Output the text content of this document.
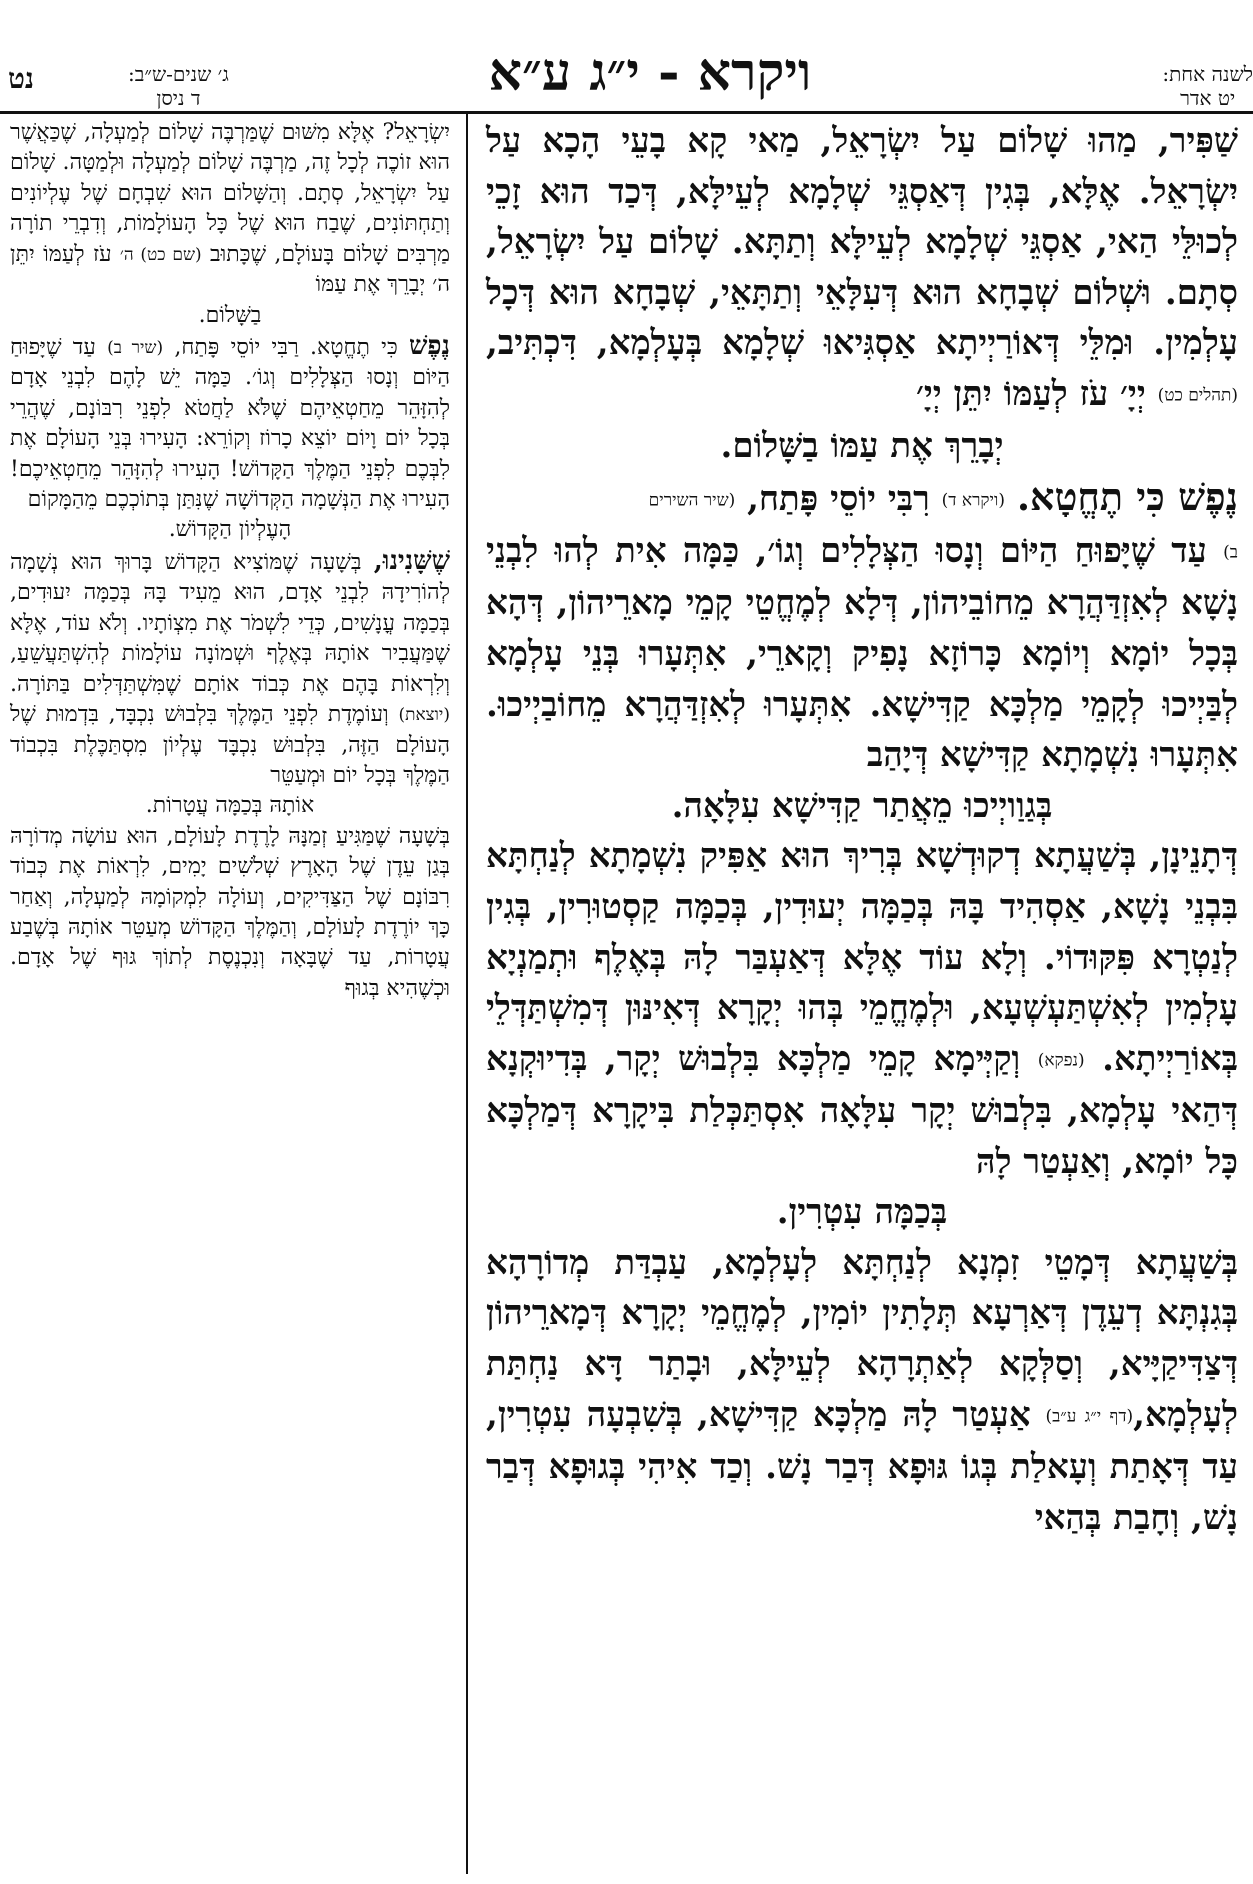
נט	ג׳ שנים-ש״ב:
ד ניסן	ויקרא - י״ג ע״א	לשנה אחת:
יט אדר

שַׁפִּיר, מַהוּ שָׁלוֹם עַל יִשְׂרָאֵל, מַאי קָא בָעֵי הָכָא עַל יִשְׂרָאֵל. אֶלָּא, בְּגִין דְּאַסְגֵּי שְׁלָמָא לְעֵילָּא, דְּכַד הוּא זָכֵי לְכוּלֵּי הַאי, אַסְגֵּי שְׁלָמָא לְעֵילָּא וְתַתָּא. שָׁלוֹם עַל יִשְׂרָאֵל, סְתָם. וּשְׁלוֹם שְׁבָחָא הוּא דְּעִלָּאֵי וְתַתָּאֵי, שְׁבָחָא הוּא דְּכָל עָלְמִין. וּמִלֵּי דְּאוֹרַיְיתָא אַסְגִּיאוּ שְׁלָמָא בְּעָלְמָא, דִּכְתִּיב, (תהלים כט) יְיָ׳ עֹז לְעַמּוֹ יִתֵּן יְיָ׳

יְבָרֵךְ אֶת עַמּוֹ בַשָּׁלוֹם.

נֶפֶשׁ כִּי תֶחֱטָא. (ויקרא ד) רִבִּי יוֹסֵי פָּתַח, (שיר השירים

ב) עַד שֶׁיָּפוּחַ הַיּוֹם וְנָסוּ הַצְּלָלִים וְגוֹ׳, כַּמָּה אִית לְהוּ לִבְנֵי נָשָׁא לְאִזְדַּהֲרָא מֵחוֹבֵיהוֹן, דְּלָא לְמֶחֱטֵי קָמֵי מָארֵיהוֹן, דְּהָא בְּכָל יוֹמָא וְיוֹמָא כָּרוֹזָא נָפִיק וְקָארֵי, אִתְּעָרוּ בְּנֵי עָלְמָא לְבַּיְיכוּ לְקָמֵי מַלְכָּא קַדִּישָׁא. אִתְּעָרוּ לְאִזְדַּהֲרָא מֵחוֹבַיְיכוּ. אִתְּעָרוּ נִשְׁמָתָא קַדִּישָׁא דְּיָהַב

בְּגַוַויְיכוּ מֵאֲתַר קַדִּישָׁא עִלָּאָה.

דְּתָנֵינָן, בְּשַׁעֲתָא דְקוּדְשָׁא בְּרִיךְ הוּא אַפִּיק נִשְׁמָתָא לְנַחְתָּא בִּבְנֵי נָשָׁא, אַסְהִיד בָּהּ בְּכַמָּה יְעוּדִין, בְּכַמָּה קַסְטוּרִין, בְּגִין לְנַטְרָא פִּקּוּדוֹי. וְלָא עוֹד אֶלָּא דְּאַעְבַּר לָהּ בְּאֶלֶף וּתְמַנְיָא עָלְמִין לְאִשְׁתַּעְשְׁעָא, וּלְמֶחֱמֵי בְּהוּ יְקָרָא דְּאִינּוּן דְּמִשְׁתַּדְּלֵי בְּאוֹרַיְיתָא. (נפקא) וְקַיְּימָא קָמֵי מַלְכָּא בִּלְבוּשׁ יְקָר, בְּדִיוּקְנָא דְּהַאי עָלְמָא, בִּלְבוּשׁ יְקָר עִלָּאָה אִסְתַּכְּלַת בִּיקָרָא דְּמַלְכָּא כָּל יוֹמָא, וְאַעְטַר לָהּ

בְּכַמָּה עִטְרִין.

בְּשַׁעֲתָא דְּמָטֵי זִמְנָא לְנַחְתָּא לְעָלְמָא, עַבְדַּת מְדוֹרָהָא בְּגִנְתָּא דְעֵדֶן דְּאַרְעָא תְּלָתִין יוֹמִין, לְמֶחֱמֵי יְקָרָא דְּמָארֵיהוֹן דְּצַדִּיקַיָּיא, וְסַלְּקָא לְאַתְרָהָא לְעֵילָּא, וּבָתַר דָּא נַחְתַּת לְעָלְמָא,(דף י״ג ע״ב) אַעְטַר לָהּ מַלְכָּא קַדִּישָׁא, בְּשִׁבְעָה עִטְרִין, עַד דְּאָתַת וְעָאלַת בְּגוֹ גּוּפָא דְּבַר נָשׁ. וְכַד אִיהִי בְּגוּפָא דְּבַר נָשׁ, וְחָבַת בְּהַאי

יִשְׂרָאֵל? אֶלָּא מִשּׁוּם שֶׁמַּרְבֶּה שָׁלוֹם לְמַעְלָה, שֶׁכַּאֲשֶׁר הוּא זוֹכֶה לְכָל זֶה, מַרְבֶּה שָׁלוֹם לְמַעְלָה וּלְמַטָּה. שָׁלוֹם עַל יִשְׂרָאֵל, סְתָם. וְהַשָּׁלוֹם הוּא שִׁבְחָם שֶׁל עֶלְיוֹנִים וְתַחְתּוֹנִים, שֶׁבַח הוּא שֶׁל כָּל הָעוֹלָמוֹת, וְדִבְרֵי תוֹרָה מַרְבִּים שָׁלוֹם בָּעוֹלָם, שֶׁכָּתוּב (שם כט) ה׳ עֹז לְעַמּוֹ יִתֵּן ה׳ יְבָרֵךְ אֶת עַמּוֹ

בַשָּׁלוֹם.

נֶפֶשׁ כִּי תֶחֱטָא. רַבִּי יוֹסֵי פָּתַח, (שיר ב) עַד שֶׁיָּפוּחַ הַיּוֹם וְנָסוּ הַצְּלָלִים וְגוֹ׳. כַּמָּה יֵשׁ לָהֶם לִבְנֵי אָדָם לְהִזָּהֵר מֵחַטְאֵיהֶם שֶׁלֹּא לַחֲטֹא לִפְנֵי רִבּוֹנָם, שֶׁהֲרֵי בְּכָל יוֹם וָיוֹם יוֹצֵא כָרוֹז וְקוֹרֵא: הָעִירוּ בְּנֵי הָעוֹלָם אֶת לִבְּכֶם לִפְנֵי הַמֶּלֶךְ הַקָּדוֹשׁ! הָעִירוּ לְהִזָּהֵר מֵחַטְאֵיכֶם! הָעִירוּ אֶת הַנְּשָׁמָה הַקְּדוֹשָׁה שֶׁנִּתַּן בְּתוֹכְכֶם מֵהַמָּקוֹם

הָעֶלְיוֹן הַקָּדוֹשׁ.

שֶׁשָּׁנִינוּ, בְּשָׁעָה שֶׁמּוֹצִיא הַקָּדוֹשׁ בָּרוּךְ הוּא נְשָׁמָה לְהוֹרִידָהּ לִבְנֵי אָדָם, הוּא מֵעִיד בָּהּ בְּכַמָּה יִעוּדִים, בְּכַמָּה עֳנָשִׁים, כְּדֵי לִשְׁמֹר אֶת מִצְוֹתָיו. וְלֹא עוֹד, אֶלָּא שֶׁמַּעֲבִיר אוֹתָהּ בְּאֶלֶף וּשְׁמוֹנָה עוֹלָמוֹת לְהִשְׁתַּעֲשֵׁעַ, וְלִרְאוֹת בָּהֶם אֶת כְּבוֹד אוֹתָם שֶׁמִּשְׁתַּדְּלִים בַּתּוֹרָה. (יוצאת) וְעוֹמֶדֶת לִפְנֵי הַמֶּלֶךְ בִּלְבוּשׁ נִכְבָּד, בִּדְמוּת שֶׁל הָעוֹלָם הַזֶּה, בִּלְבוּשׁ נִכְבָּד עֶלְיוֹן מִסְתַּכֶּלֶת בִּכְבוֹד הַמֶּלֶךְ בְּכָל יוֹם וּמְעַטֵּר

אוֹתָהּ בְּכַמָּה עֲטָרוֹת.

בְּשָׁעָה שֶׁמַּגִּיעַ זְמַנָּהּ לָרֶדֶת לָעוֹלָם, הוּא עוֹשָׂה מְדוֹרָהּ בְּגַן עֵדֶן שֶׁל הָאָרֶץ שְׁלֹשִׁים יָמִים, לִרְאוֹת אֶת כְּבוֹד רִבּוֹנָם שֶׁל הַצַּדִּיקִים, וְעוֹלָה לִמְקוֹמָהּ לְמַעְלָה, וְאַחַר כָּךְ יוֹרֶדֶת לָעוֹלָם, וְהַמֶּלֶךְ הַקָּדוֹשׁ מְעַטֵּר אוֹתָהּ בְּשֶׁבַע עֲטָרוֹת, עַד שֶׁבָּאָה וְנִכְנֶסֶת לְתוֹךְ גּוּף שֶׁל אָדָם. וּכְשֶׁהִיא בְּגוּף
